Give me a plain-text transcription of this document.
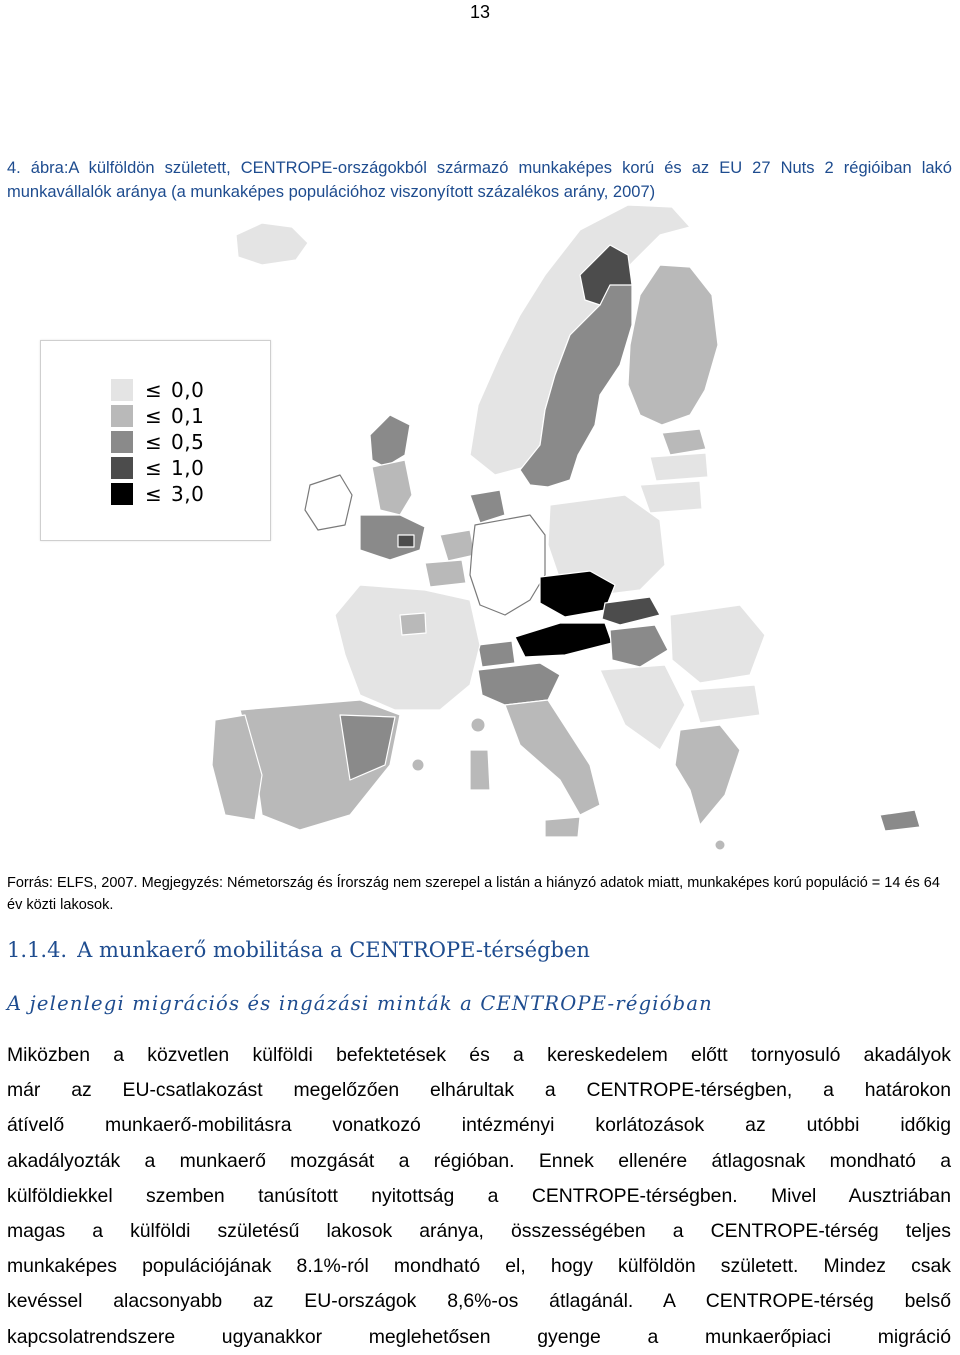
13
4. ábra:A külföldön született, CENTROPE-országokból származó munkaképes korú és az EU 27 Nuts 2 régióiban lakó munkavállalók aránya (a munkaképes populációhoz viszonyított százalékos arány, 2007)
≤ 0,0
≤ 0,1
≤ 0,5
≤ 1,0
≤ 3,0
Forrás: ELFS, 2007. Megjegyzés: Németország és Írország nem szerepel a listán a hiányzó adatok miatt, munkaképes korú populáció = 14 és 64 év közti lakosok.
1.1.4. A munkaerő mobilitása a CENTROPE-térségben
A jelenlegi migrációs és ingázási minták a CENTROPE-régióban
Miközben a közvetlen külföldi befektetések és a kereskedelem előtt tornyosuló akadályok
már az EU-csatlakozást megelőzően elhárultak a CENTROPE-térségben, a határokon
átívelő munkaerő-mobilitásra vonatkozó intézményi korlátozások az utóbbi időkig
akadályozták a munkaerő mozgását a régióban. Ennek ellenére átlagosnak mondható a
külföldiekkel szemben tanúsított nyitottság a CENTROPE-térségben. Mivel Ausztriában
magas a külföldi születésű lakosok aránya, összességében a CENTROPE-térség teljes
munkaképes populációjának 8.1%-ról mondható el, hogy külföldön született. Mindez csak
kevéssel alacsonyabb az EU-országok 8,6%-os átlagánál. A CENTROPE-térség belső
kapcsolatrendszere ugyanakkor meglehetősen gyenge a munkaerőpiaci migráció
